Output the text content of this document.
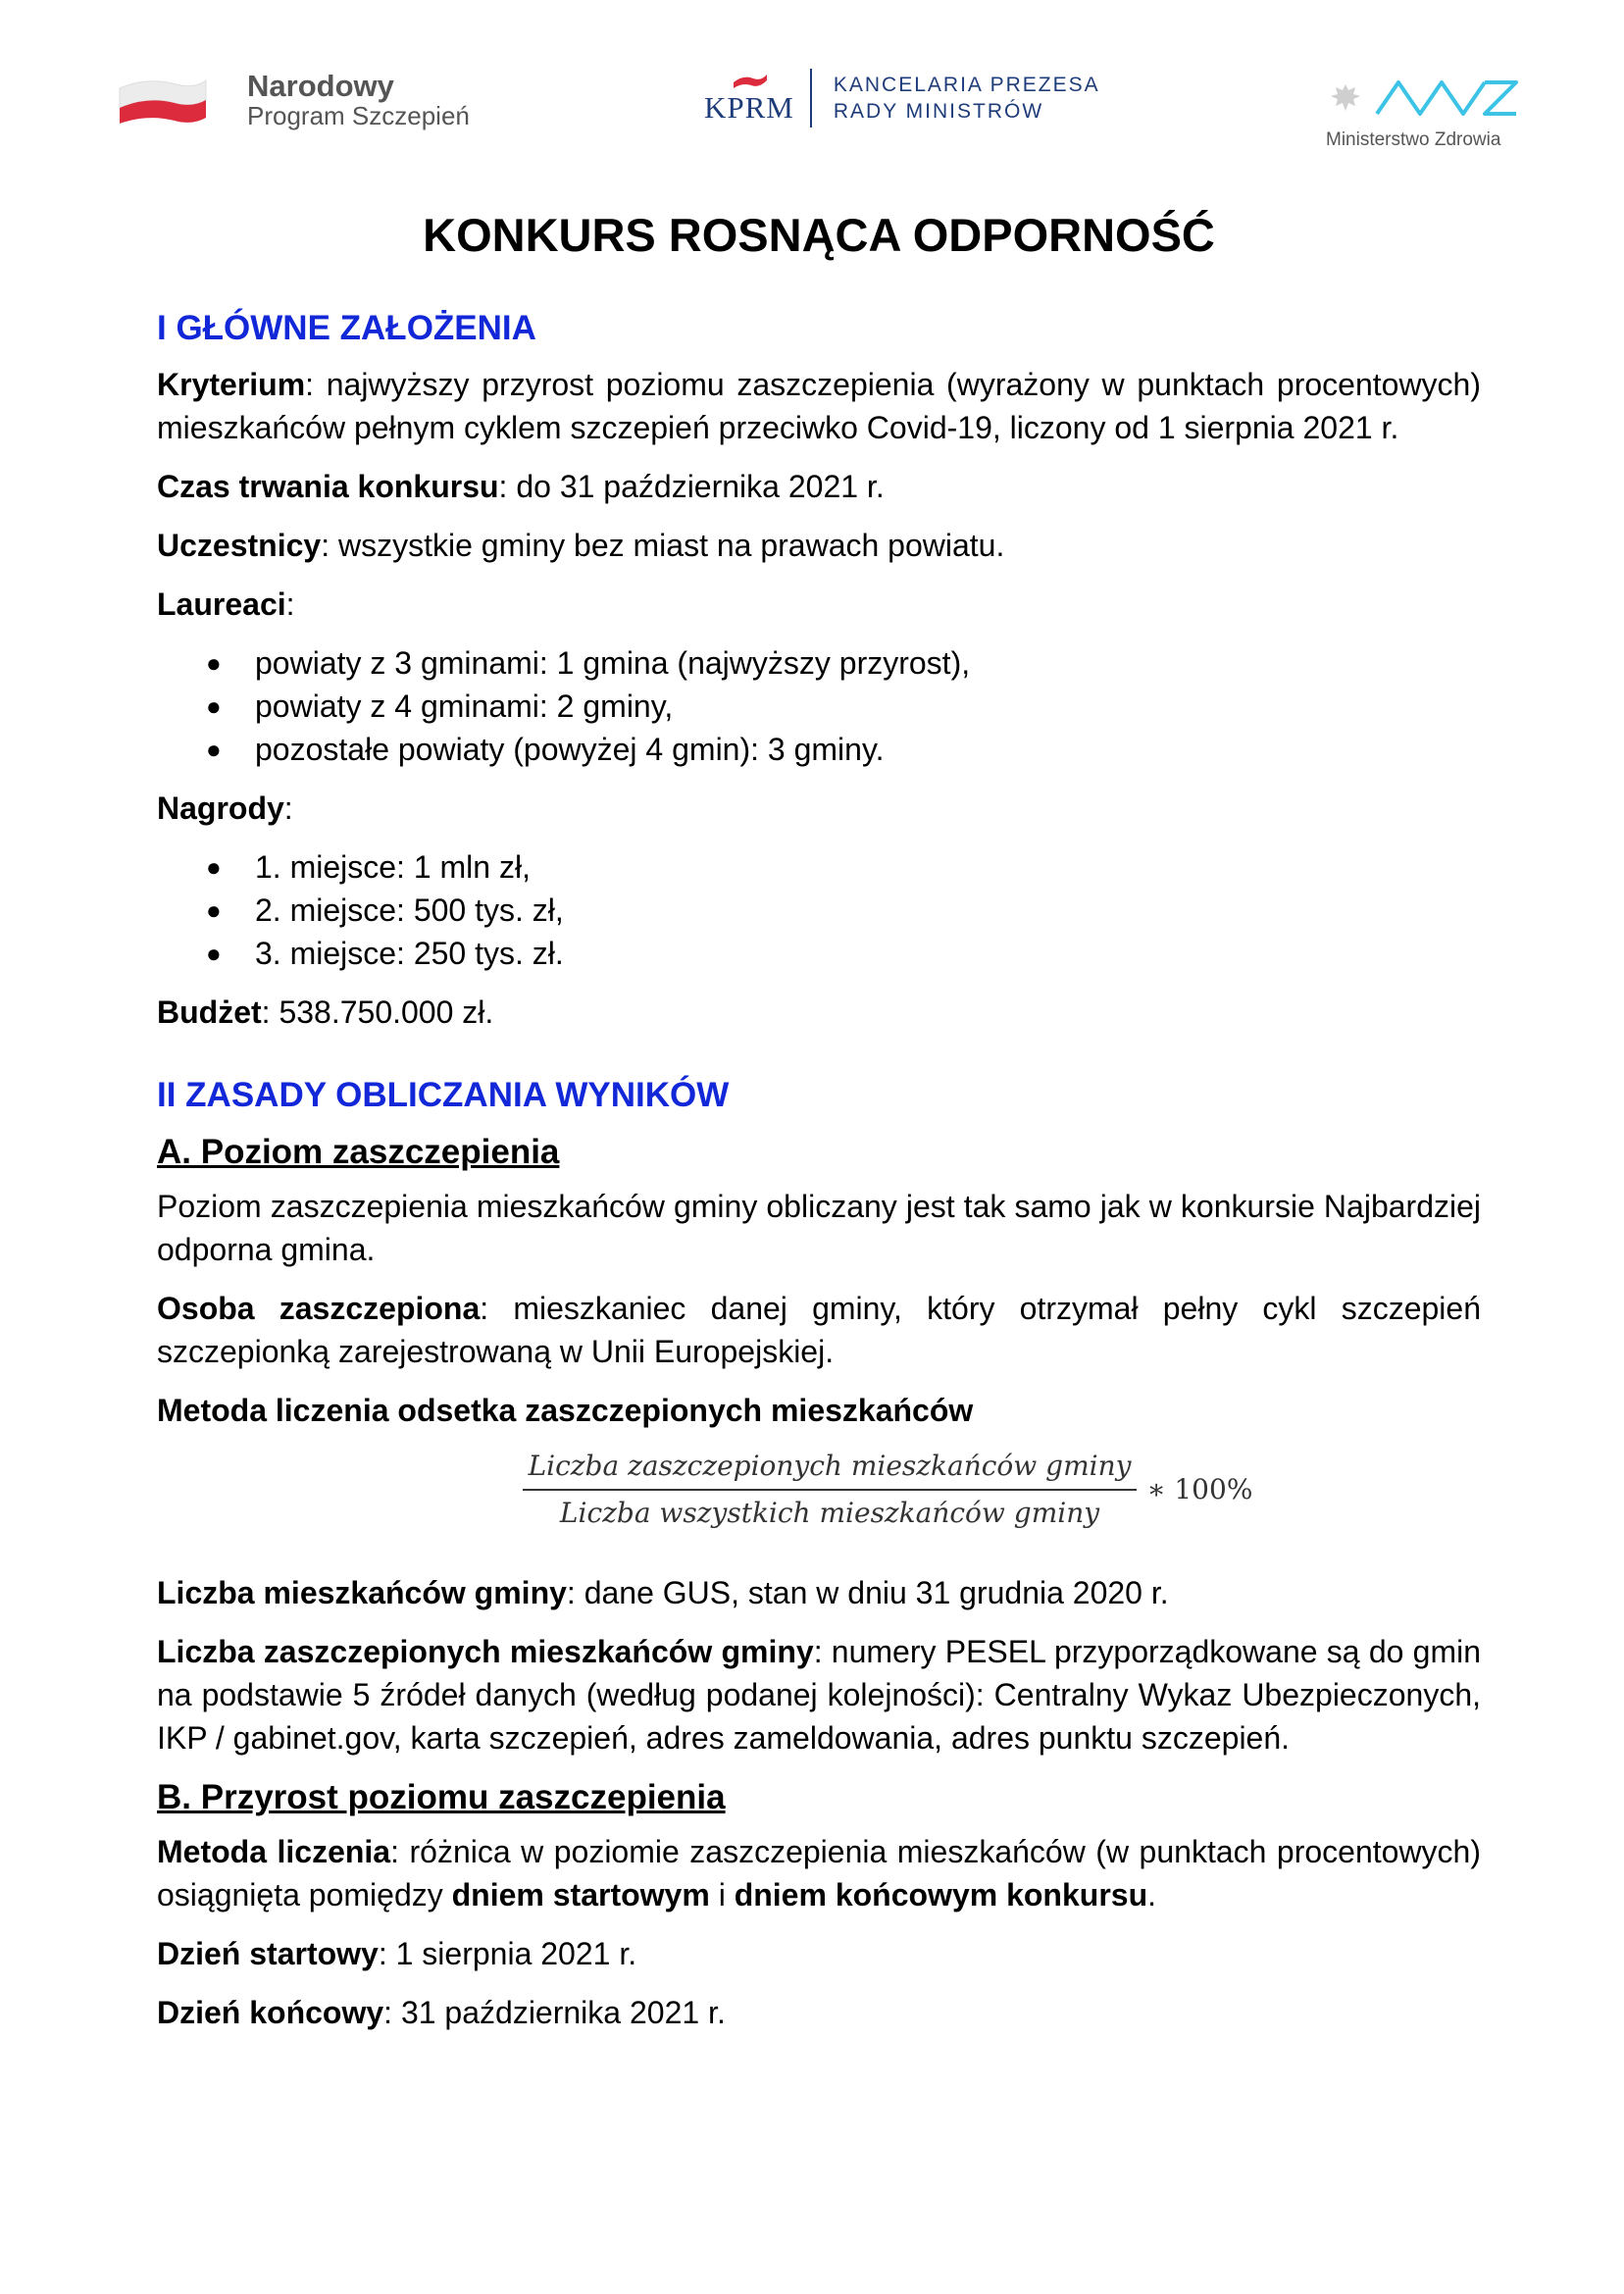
Narodowy
Program Szczepień	KPRM
KANCELARIA PREZESA
RADY MINISTRÓW
Ministerstwo Zdrowia
KONKURS ROSNĄCA ODPORNOŚĆ
I GŁÓWNE ZAŁOŻENIA

Kryterium: najwyższy przyrost poziomu zaszczepienia (wyrażony w punktach procentowych) mieszkańców pełnym cyklem szczepień przeciwko Covid-19, liczony od 1 sierpnia 2021 r.

Czas trwania konkursu: do 31 października 2021 r.

Uczestnicy: wszystkie gminy bez miast na prawach powiatu.

Laureaci:

● powiaty z 3 gminami: 1 gmina (najwyższy przyrost),
● powiaty z 4 gminami: 2 gminy,
● pozostałe powiaty (powyżej 4 gmin): 3 gminy.

Nagrody:

● 1. miejsce: 1 mln zł,
● 2. miejsce: 500 tys. zł,
● 3. miejsce: 250 tys. zł.

Budżet: 538.750.000 zł.

II ZASADY OBLICZANIA WYNIKÓW
A. Poziom zaszczepienia

Poziom zaszczepienia mieszkańców gminy obliczany jest tak samo jak w konkursie Najbardziej odporna gmina.

Osoba zaszczepiona: mieszkaniec danej gminy, który otrzymał pełny cykl szczepień szczepionką zarejestrowaną w Unii Europejskiej.

Metoda liczenia odsetka zaszczepionych mieszkańców

$\frac{\text{Liczba zaszczepionych mieszkańców gminy}}{\text{Liczba wszystkich mieszkańców gminy}}$ ∗ 100%

Liczba mieszkańców gminy: dane GUS, stan w dniu 31 grudnia 2020 r.

Liczba zaszczepionych mieszkańców gminy: numery PESEL przyporządkowane są do gmin na podstawie 5 źródeł danych (według podanej kolejności): Centralny Wykaz Ubezpieczonych, IKP / gabinet.gov, karta szczepień, adres zameldowania, adres punktu szczepień.

B. Przyrost poziomu zaszczepienia

Metoda liczenia: różnica w poziomie zaszczepienia mieszkańców (w punktach procentowych) osiągnięta pomiędzy dniem startowym i dniem końcowym konkursu.

Dzień startowy: 1 sierpnia 2021 r.

Dzień końcowy: 31 października 2021 r.
